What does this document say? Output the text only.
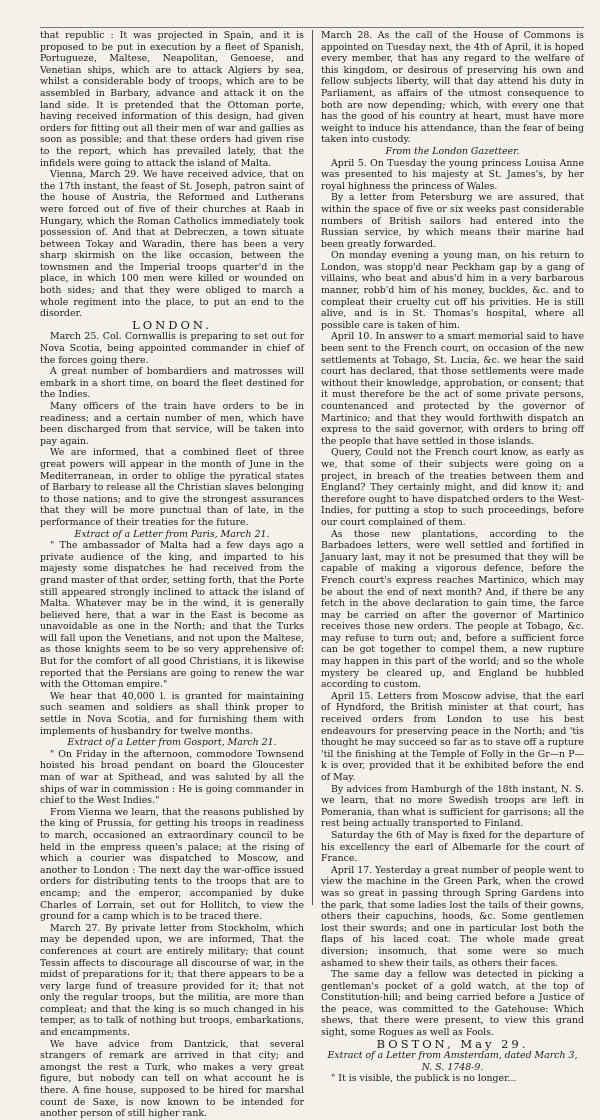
that republic : It was projected in Spain, and it is proposed to be put in execution by a fleet of Spanish, Portugueze, Maltese, Neapolitan, Genoese, and Venetian ships, which are to attack Algiers by sea, whilst a considerable body of troops, which are to be assembled in Barbary, advance and attack it on the land side. It is pretended that the Ottoman porte, having received information of this design, had given orders for fitting out all their men of war and gallies as soon as possible; and that these orders had given rise to the report, which has prevailed lately, that the infidels were going to attack the island of Malta.

Vienna, March 29. We have received advice, that on the 17th instant, the feast of St. Joseph, patron saint of the house of Austria, the Reformed and Lutherans were forced out of five of their churches at Raab in Hungary, which the Roman Catholics immediately took possession of. And that at Debreczen, a town situate between Tokay and Waradin, there has been a very sharp skirmish on the like occasion, between the townsmen and the Imperial troops quarter'd in the place, in which 100 men were killed or wounded on both sides; and that they were obliged to march a whole regiment into the place, to put an end to the disorder.

LONDON.

March 25. Col. Cornwallis is preparing to set out for Nova Scotia, being appointed commander in chief of the forces going there.

A great number of bombardiers and matrosses will embark in a short time, on board the fleet destined for the Indies.

Many officers of the train have orders to be in readiness; and a certain number of men, which have been discharged from that service, will be taken into pay again.

We are informed, that a combined fleet of three great powers will appear in the month of June in the Mediterranean, in order to oblige the pyratical states of Barbary to release all the Christian slaves belonging to those nations; and to give the strongest assurances that they will be more punctual than of late, in the performance of their treaties for the future.

Extract of a Letter from Paris, March 21.

" The ambassador of Malta had a few days ago a private audience of the king, and imparted to his majesty some dispatches he had received from the grand master of that order, setting forth, that the Porte still appeared strongly inclined to attack the island of Malta. Whatever may be in the wind, it is generally believed here, that a war in the East is become as unavoidable as one in the North; and that the Turks will fall upon the Venetians, and not upon the Maltese, as those knights seem to be so very apprehensive of: But for the comfort of all good Christians, it is likewise reported that the Persians are going to renew the war with the Ottoman empire."

We hear that 40,000 l. is granted for maintaining such seamen and soldiers as shall think proper to settle in Nova Scotia, and for furnishing them with implements of husbandry for twelve months.

Extract of a Letter from Gosport, March 21.

" On Friday in the afternoon, commodore Townsend hoisted his broad pendant on board the Gloucester man of war at Spithead, and was saluted by all the ships of war in commission : He is going commander in chief to the West Indies."

From Vienna we learn, that the reasons published by the king of Prussia, for getting his troops in readiness to march, occasioned an extraordinary council to be held in the empress queen's palace; at the rising of which a courier was dispatched to Moscow, and another to London : The next day the war-office issued orders for distributing tents to the troops that are to encamp; and the emperor, accompanied by duke Charles of Lorrain, set out for Hollitch, to view the ground for a camp which is to be traced there.

March 27. By private letter from Stockholm, which may be depended upon, we are informed, That the conferences at court are entirely military; that count Tessin affects to discourage all discourse of war, in the midst of preparations for it; that there appears to be a very large fund of treasure provided for it; that not only the regular troops, but the militia, are more than compleat; and that the king is so much changed in his temper, as to talk of nothing but troops, embarkations, and encampments.

We have advice from Dantzick, that several strangers of remark are arrived in that city; and amongst the rest a Turk, who makes a very great figure, but nobody can tell on what account he is there. A fine house, supposed to be hired for marshal count de Saxe, is now known to be intended for another person of still higher rank.

March 28. As the call of the House of Commons is appointed on Tuesday next, the 4th of April, it is hoped every member, that has any regard to the welfare of this kingdom, or desirous of preserving his own and fellow subjects liberty, will that day attend his duty in Parliament, as affairs of the utmost consequence to both are now depending; which, with every one that has the good of his country at heart, must have more weight to induce his attendance, than the fear of being taken into custody.

From the London Gazetteer.

April 5. On Tuesday the young princess Louisa Anne was presented to his majesty at St. James's, by her royal highness the princess of Wales.

By a letter from Petersburg we are assured, that within the space of five or six weeks past considerable numbers of British sailors had entered into the Russian service, by which means their marine had been greatly forwarded.

On monday evening a young man, on his return to London, was stopp'd near Peckham gap by a gang of villains, who beat and abus'd him in a very barbarous manner, robb'd him of his money, buckles, &c. and to compleat their cruelty cut off his privities. He is still alive, and is in St. Thomas's hospital, where all possible care is taken of him.

April 10. In answer to a smart memorial said to have been sent to the French court, on occasion of the new settlements at Tobago, St. Lucia, &c. we hear the said court has declared, that those settlements were made without their knowledge, approbation, or consent; that it must therefore be the act of some private persons, countenanced and protected by the governor of Martinico; and that they would forthwith dispatch an express to the said governor, with orders to bring off the people that have settled in those islands.

Query, Could not the French court know, as early as we, that some of their subjects were going on a project, in breach of the treaties between them and England? They certainly might, and did know it; and therefore ought to have dispatched orders to the West-Indies, for putting a stop to such proceedings, before our court complained of them.

As those new plantations, according to the Barbadoes letters, were well settled and fortified in January last, may it not be presumed that they will be capable of making a vigorous defence, before the French court's express reaches Martinico, which may be about the end of next month? And, if there be any fetch in the above declaration to gain time, the farce may be carried on after the governor of Martinico receives those new orders. The people at Tobago, &c. may refuse to turn out; and, before a sufficient force can be got together to compel them, a new rupture may happen in this part of the world; and so the whole mystery be cleared up, and England be hubbled according to custom.

April 15. Letters from Moscow advise, that the earl of Hyndford, the British minister at that court, has received orders from London to use his best endeavours for preserving peace in the North; and 'tis thought he may succeed so far as to stave off a rupture 'til the finishing at the Temple of Folly in the Gr—n P—k is over, provided that it be exhibited before the end of May.

By advices from Hamburgh of the 18th instant, N. S. we learn, that no more Swedish troops are left in Pomerania, than what is sufficient for garrisons; all the rest being actually transported to Finland.

Saturday the 6th of May is fixed for the departure of his excellency the earl of Albemarle for the court of France.

April 17. Yesterday a great number of people went to view the machine in the Green Park, when the crowd was so great in passing through Spring Gardens into the park, that some ladies lost the tails of their gowns, others their capuchins, hoods, &c. Some gentlemen lost their swords; and one in particular lost both the flaps of his laced coat. The whole made great diversion; insomuch, that some were so much ashamed to shew their tails, as others their faces.

The same day a fellow was detected in picking a gentleman's pocket of a gold watch, at the top of Constitution-hill; and being carried before a Justice of the peace, was committed to the Gatehouse: Which shews, that there were present, to view this grand sight, some Rogues as well as Fools.

BOSTON, May 29.

Extract of a Letter from Amsterdam, dated March 3, N. S. 1748-9.

" It is visible, the publick is no longer...
